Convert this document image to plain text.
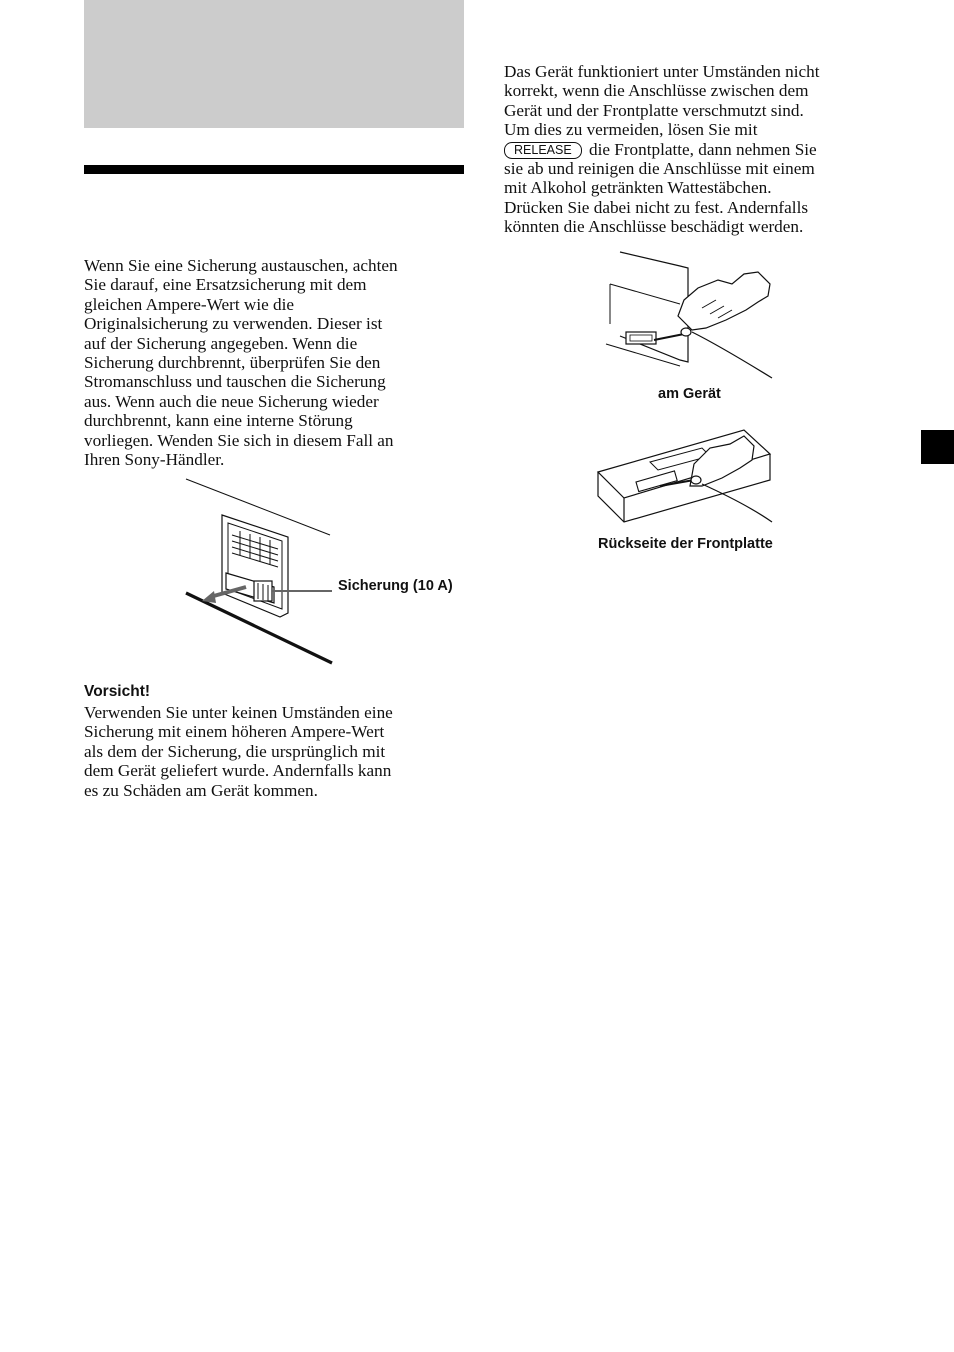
Wenn Sie eine Sicherung austauschen, achten
Sie darauf, eine Ersatzsicherung mit dem
gleichen Ampere-Wert wie die
Originalsicherung zu verwenden. Dieser ist
auf der Sicherung angegeben. Wenn die
Sicherung durchbrennt, überprüfen Sie den
Stromanschluss und tauschen die Sicherung
aus. Wenn auch die neue Sicherung wieder
durchbrennt, kann eine interne Störung
vorliegen. Wenden Sie sich in diesem Fall an
Ihren Sony-Händler.

Sicherung (10 A)
Vorsicht!

Verwenden Sie unter keinen Umständen eine
Sicherung mit einem höheren Ampere-Wert
als dem der Sicherung, die ursprünglich mit
dem Gerät geliefert wurde. Andernfalls kann
es zu Schäden am Gerät kommen.

Das Gerät funktioniert unter Umständen nicht
korrekt, wenn die Anschlüsse zwischen dem
Gerät und der Frontplatte verschmutzt sind.
Um dies zu vermeiden, lösen Sie mit

RELEASE die Frontplatte, dann nehmen Sie

sie ab und reinigen die Anschlüsse mit einem
mit Alkohol getränkten Wattestäbchen.
Drücken Sie dabei nicht zu fest. Andernfalls
könnten die Anschlüsse beschädigt werden.

am Gerät
Rückseite der Frontplatte
